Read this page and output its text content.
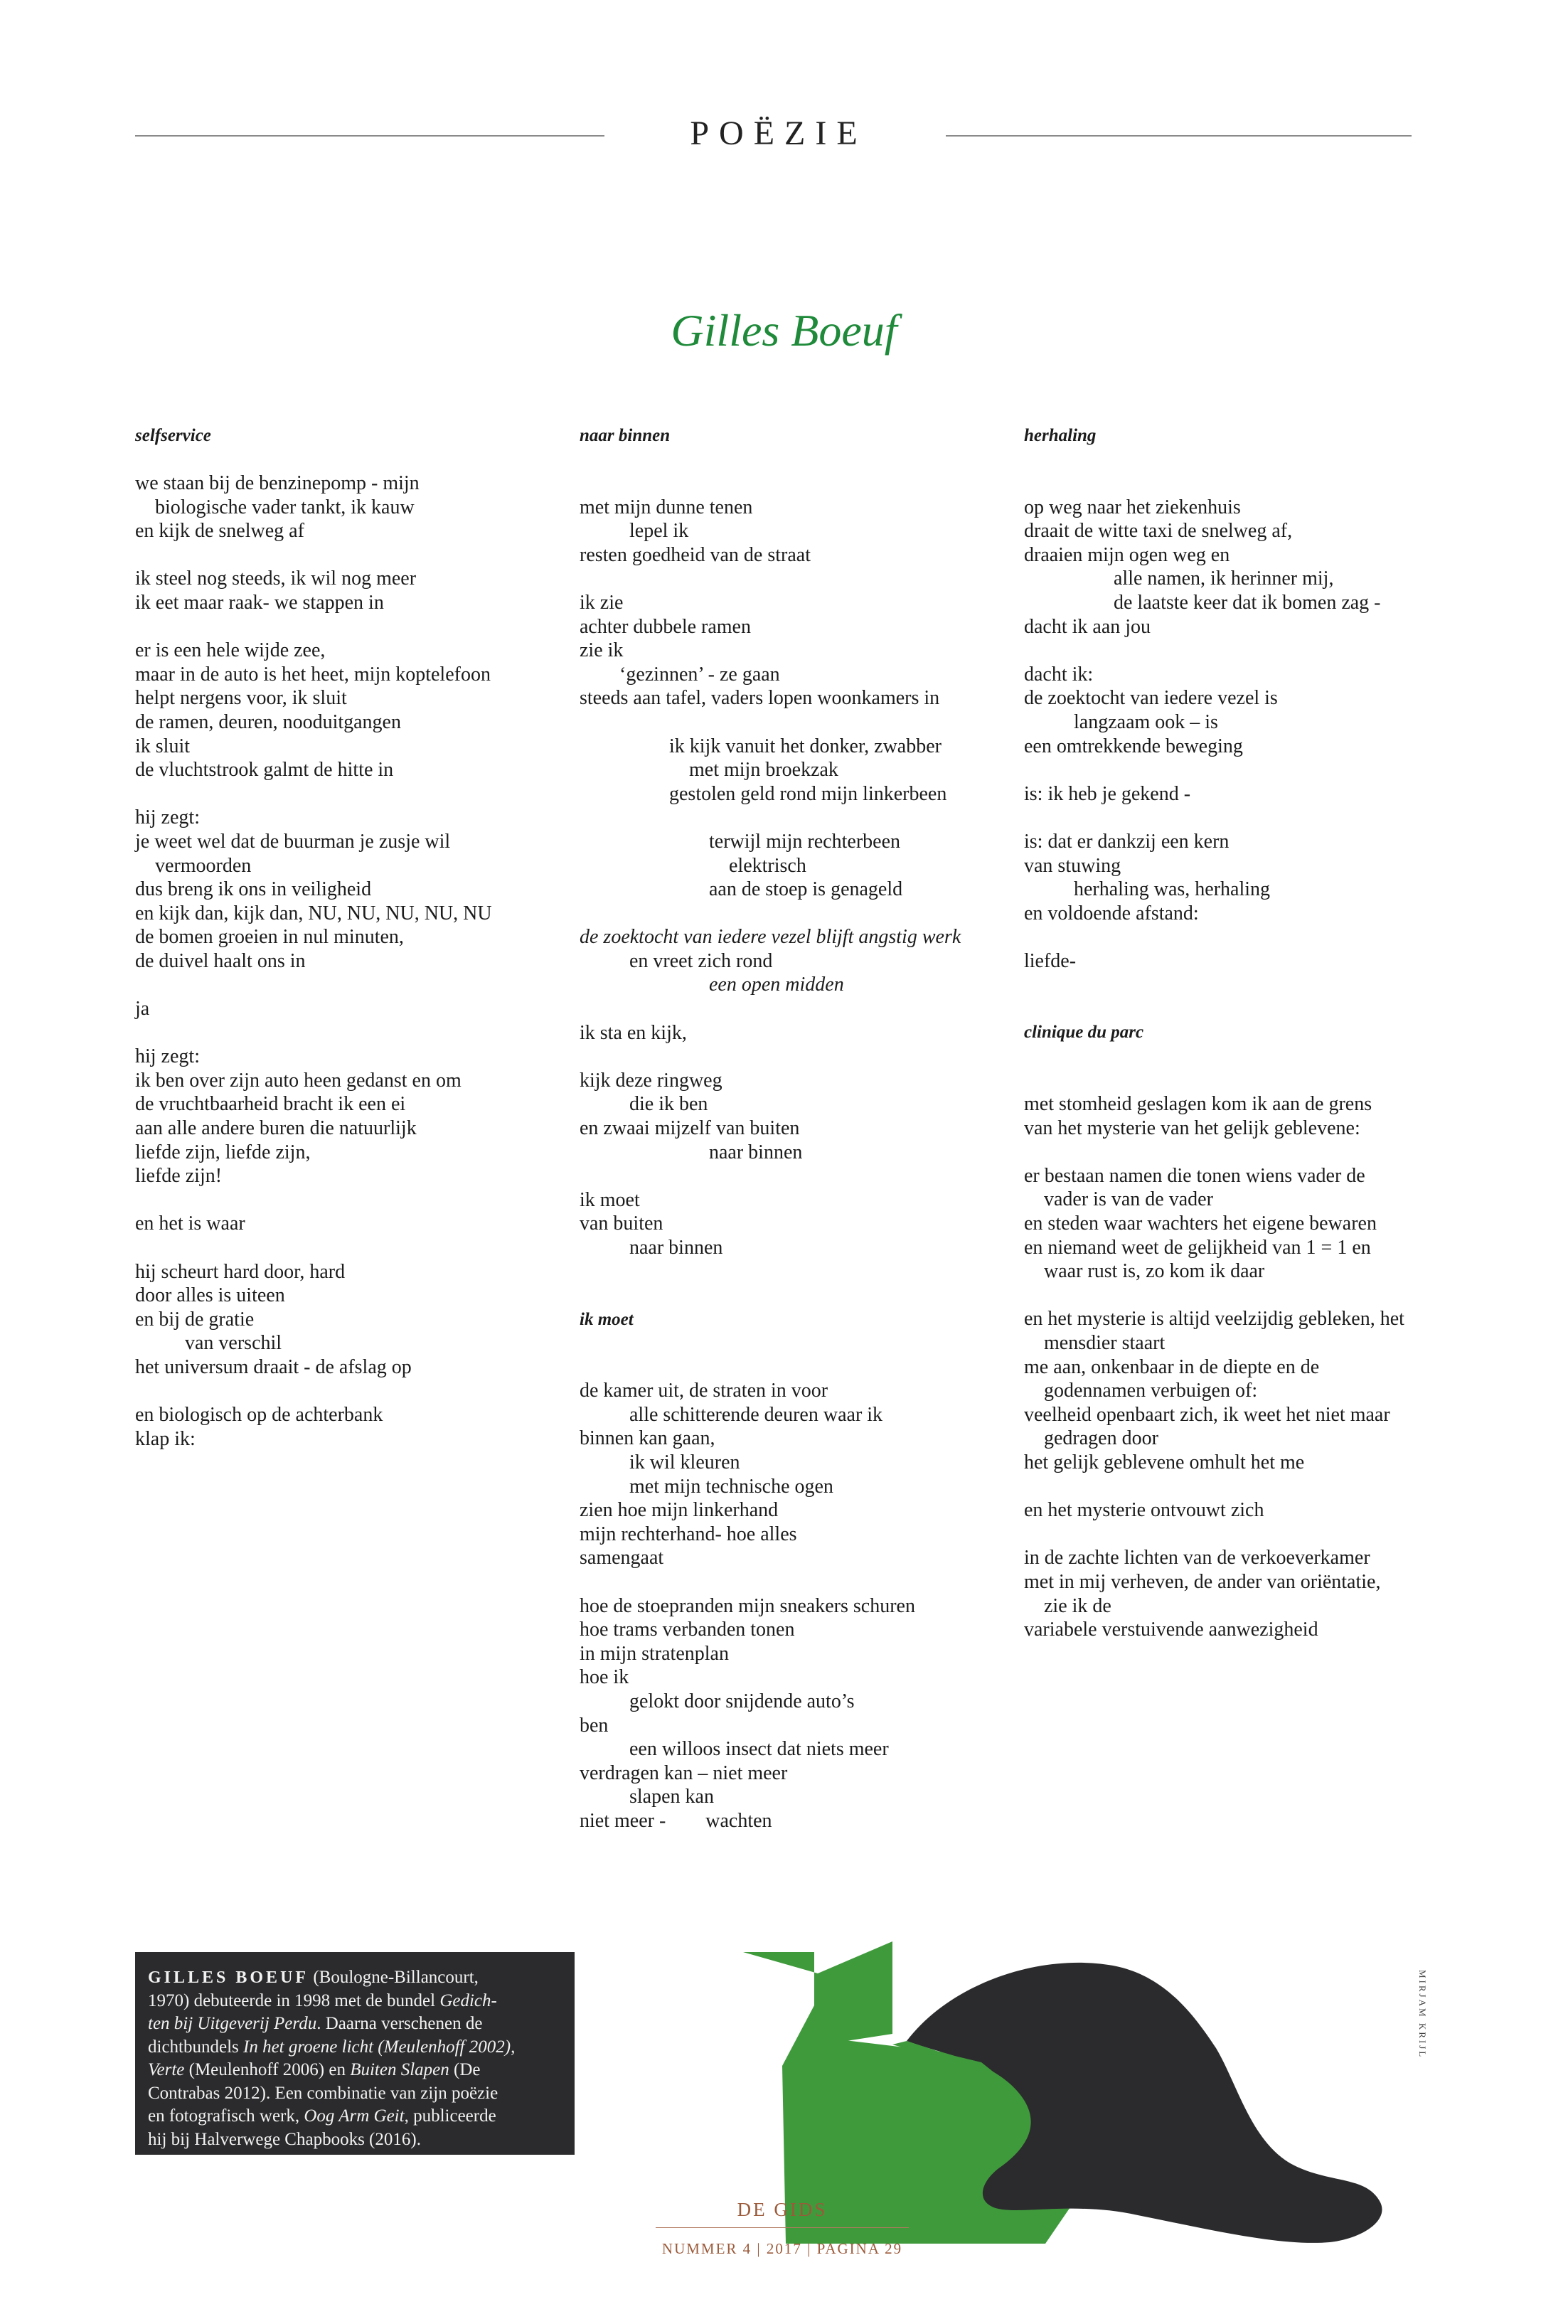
POËZIE
Gilles Boeuf
selfservice
we staan bij de benzinepomp - mijn
biologische vader tankt, ik kauw
en kijk de snelweg af
ik steel nog steeds, ik wil nog meer
ik eet maar raak- we stappen in
er is een hele wijde zee,
maar in de auto is het heet, mijn koptelefoon
helpt nergens voor, ik sluit
de ramen, deuren, nooduitgangen
ik sluit
de vluchtstrook galmt de hitte in
hij zegt:
je weet wel dat de buurman je zusje wil
vermoorden
dus breng ik ons in veiligheid
en kijk dan, kijk dan, NU, NU, NU, NU, NU
de bomen groeien in nul minuten,
de duivel haalt ons in
ja
hij zegt:
ik ben over zijn auto heen gedanst en om
de vruchtbaarheid bracht ik een ei
aan alle andere buren die natuurlijk
liefde zijn, liefde zijn,
liefde zijn!
en het is waar
hij scheurt hard door, hard
door alles is uiteen
en bij de gratie
van verschil
het universum draait - de afslag op
en biologisch op de achterbank
klap ik:
naar binnen
met mijn dunne tenen
lepel ik
resten goedheid van de straat
ik zie
achter dubbele ramen
zie ik
‘gezinnen’ - ze gaan
steeds aan tafel, vaders lopen woonkamers in
ik kijk vanuit het donker, zwabber
met mijn broekzak
gestolen geld rond mijn linkerbeen
terwijl mijn rechterbeen
elektrisch
aan de stoep is genageld
de zoektocht van iedere vezel blijft angstig werk
en vreet zich rond
een open midden
ik sta en kijk,
kijk deze ringweg
die ik ben
en zwaai mijzelf van buiten
naar binnen
ik moet
van buiten
naar binnen
ik moet
de kamer uit, de straten in voor
alle schitterende deuren waar ik
binnen kan gaan,
ik wil kleuren
met mijn technische ogen
zien hoe mijn linkerhand
mijn rechterhand- hoe alles
samengaat
hoe de stoepranden mijn sneakers schuren
hoe trams verbanden tonen
in mijn stratenplan
hoe ik
gelokt door snijdende auto’s
ben
een willoos insect dat niets meer
verdragen kan – niet meer
slapen kan
niet meer -        wachten
herhaling
op weg naar het ziekenhuis
draait de witte taxi de snelweg af,
draaien mijn ogen weg en
alle namen, ik herinner mij,
de laatste keer dat ik bomen zag -
dacht ik aan jou
dacht ik:
de zoektocht van iedere vezel is
langzaam ook – is
een omtrekkende beweging
is: ik heb je gekend -
is: dat er dankzij een kern
van stuwing
herhaling was, herhaling
en voldoende afstand:
liefde-
clinique du parc
met stomheid geslagen kom ik aan de grens
van het mysterie van het gelijk geblevene:
er bestaan namen die tonen wiens vader de
vader is van de vader
en steden waar wachters het eigene bewaren
en niemand weet de gelijkheid van 1 = 1 en
waar rust is, zo kom ik daar
en het mysterie is altijd veelzijdig gebleken, het
mensdier staart
me aan, onkenbaar in de diepte en de
godennamen verbuigen of:
veelheid openbaart zich, ik weet het niet maar
gedragen door
het gelijk geblevene omhult het me
en het mysterie ontvouwt zich
in de zachte lichten van de verkoeverkamer
met in mij verheven, de ander van oriëntatie,
zie ik de
variabele verstuivende aanwezigheid
GILLES BOEUF (Boulogne-Billancourt,
1970) debuteerde in 1998 met de bundel Gedich-
ten bij Uitgeverij Perdu. Daarna verschenen de
dichtbundels In het groene licht (Meulenhoff 2002),
Verte (Meulenhoff 2006) en Buiten Slapen (De
Contrabas 2012). Een combinatie van zijn poëzie
en fotografisch werk, Oog Arm Geit, publiceerde
hij bij Halverwege Chapbooks (2016).
MIRJAM KRIJL
DE GIDS
NUMMER 4 | 2017 | PAGINA 29
